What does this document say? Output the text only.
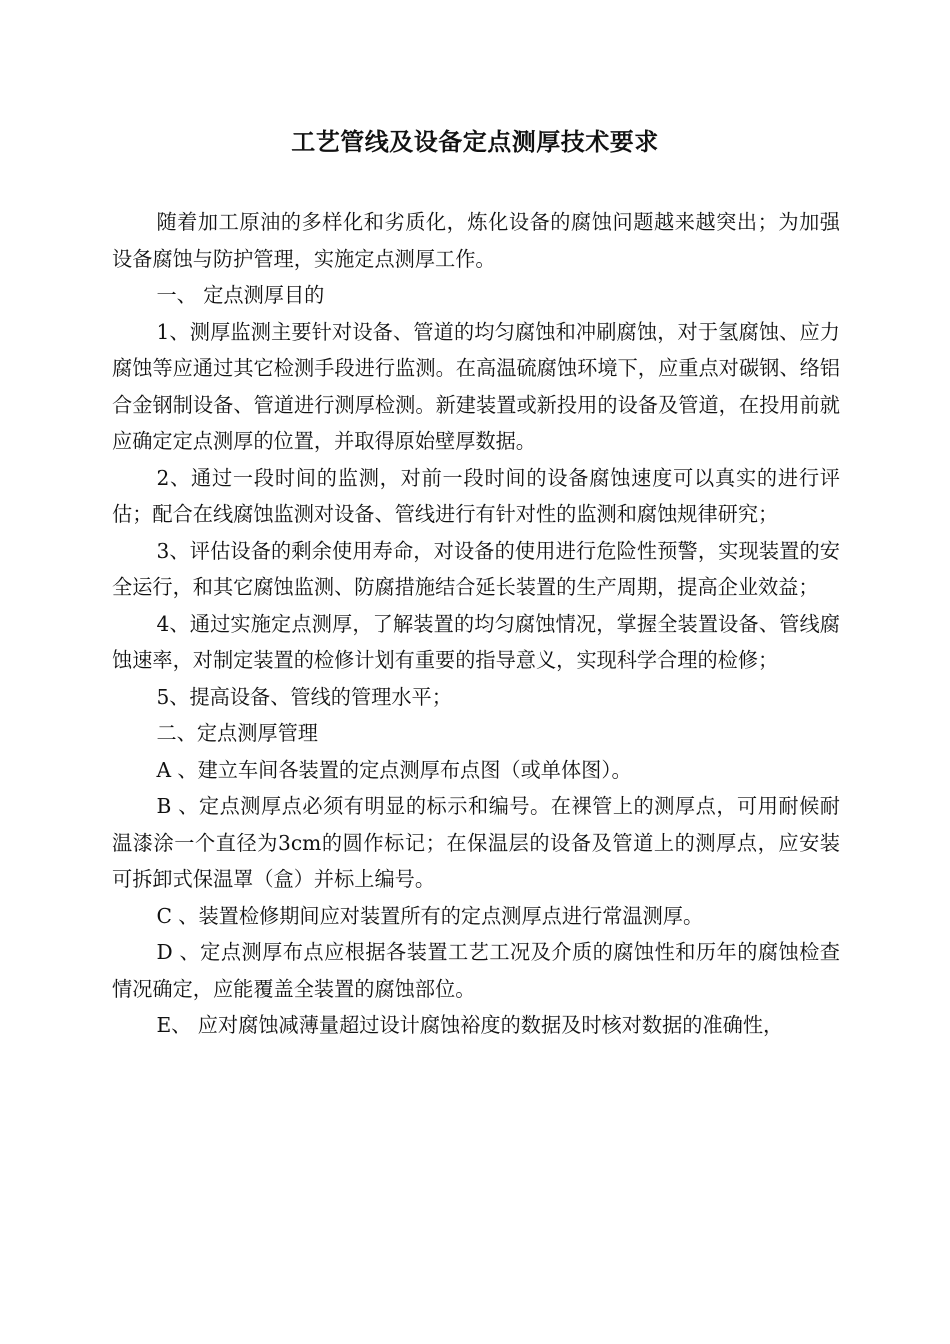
工艺管线及设备定点测厚技术要求

随着加工原油的多样化和劣质化，炼化设备的腐蚀问题越来越突出；为加强设备腐蚀与防护管理，实施定点测厚工作。

一、 定点测厚目的

1、测厚监测主要针对设备、管道的均匀腐蚀和冲刷腐蚀，对于氢腐蚀、应力腐蚀等应通过其它检测手段进行监测。在高温硫腐蚀环境下，应重点对碳钢、络铝合金钢制设备、管道进行测厚检测。新建装置或新投用的设备及管道，在投用前就应确定定点测厚的位置，并取得原始壁厚数据。

2、通过一段时间的监测，对前一段时间的设备腐蚀速度可以真实的进行评估；配合在线腐蚀监测对设备、管线进行有针对性的监测和腐蚀规律研究；

3、评估设备的剩余使用寿命，对设备的使用进行危险性预警，实现装置的安全运行，和其它腐蚀监测、防腐措施结合延长装置的生产周期，提高企业效益；

4、通过实施定点测厚，了解装置的均匀腐蚀情况，掌握全装置设备、管线腐蚀速率，对制定装置的检修计划有重要的指导意义，实现科学合理的检修；

5、提高设备、管线的管理水平；

二、定点测厚管理

A 、建立车间各装置的定点测厚布点图（或单体图）。

B 、定点测厚点必须有明显的标示和编号。在裸管上的测厚点，可用耐候耐温漆涂一个直径为3cm的圆作标记；在保温层的设备及管道上的测厚点，应安装可拆卸式保温罩（盒）并标上编号。

C 、装置检修期间应对装置所有的定点测厚点进行常温测厚。

D 、定点测厚布点应根据各装置工艺工况及介质的腐蚀性和历年的腐蚀检查情况确定，应能覆盖全装置的腐蚀部位。

E、 应对腐蚀减薄量超过设计腐蚀裕度的数据及时核对数据的准确性，
